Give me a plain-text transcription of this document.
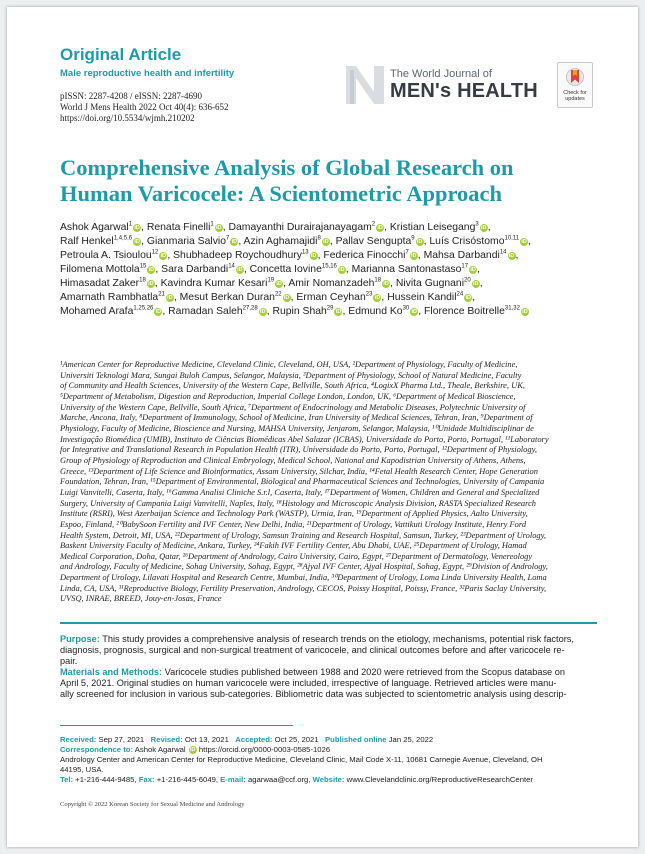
Original Article
Male reproductive health and infertility
pISSN: 2287-4208 / eISSN: 2287-4690
World J Mens Health 2022 Oct 40(4): 636-652
https://doi.org/10.5534/wjmh.210202
The World Journal of
MEN's HEALTH	Check for
updates
Comprehensive Analysis of Global Research on
Human Varicocele: A Scientometric Approach
Ashok Agarwal$^1$iD, Renata Finelli$^1$iD, Damayanthi Durairajanayagam$^2$iD, Kristian Leisegang$^3$iD,
Ralf Henkel$^{1,4,5,6}$iD, Gianmaria Salvio$^7$iD, Azin Aghamajidi$^8$iD, Pallav Sengupta$^9$iD, Luís Crisóstomo$^{10,11}$iD,
Petroula A. Tsioulou$^{12}$iD, Shubhadeep Roychoudhury$^{13}$iD, Federica Finocchi$^7$iD, Mahsa Darbandi$^{14}$iD,
Filomena Mottola$^{15}$iD, Sara Darbandi$^{14}$iD, Concetta Iovine$^{15,16}$iD, Marianna Santonastaso$^{17}$iD,
Himasadat Zaker$^{18}$iD, Kavindra Kumar Kesari$^{19}$iD, Amir Nomanzadeh$^{18}$iD, Nivita Gugnani$^{20}$iD,
Amarnath Rambhatla$^{21}$iD, Mesut Berkan Duran$^{22}$iD, Erman Ceyhan$^{23}$iD, Hussein Kandil$^{24}$iD,
Mohamed Arafa$^{1,25,26}$iD, Ramadan Saleh$^{27,28}$iD, Rupin Shah$^{29}$iD, Edmund Ko$^{30}$iD, Florence Boitrelle$^{31,32}$iD
¹American Center for Reproductive Medicine, Cleveland Clinic, Cleveland, OH, USA, ²Department of Physiology, Faculty of Medicine,
Universiti Teknologi Mara, Sungai Buloh Campus, Selangor, Malaysia, ³Department of Physiology, School of Natural Medicine, Faculty
of Community and Health Sciences, University of the Western Cape, Bellville, South Africa, ⁴LogixX Pharma Ltd., Theale, Berkshire, UK,
⁵Department of Metabolism, Digestion and Reproduction, Imperial College London, London, UK, ⁶Department of Medical Bioscience,
University of the Western Cape, Bellville, South Africa, ⁷Department of Endocrinology and Metabolic Diseases, Polytechnic University of
Marche, Ancona, Italy, ⁸Department of Immunology, School of Medicine, Iran University of Medical Sciences, Tehran, Iran, ⁹Department of
Physiology, Faculty of Medicine, Bioscience and Nursing, MAHSA University, Jenjarom, Selangor, Malaysia, ¹⁰Unidade Multidisciplinar de
Investigação Biomédica (UMIB), Instituto de Ciências Biomédicas Abel Salazar (ICBAS), Universidade do Porto, Porto, Portugal, ¹¹Laboratory
for Integrative and Translational Research in Population Health (ITR), Universidade do Porto, Porto, Portugal, ¹²Department of Physiology,
Group of Physiology of Reproduction and Clinical Embryology, Medical School, National and Kapodistrian University of Athens, Athens,
Greece, ¹³Department of Life Science and Bioinformatics, Assam University, Silchar, India, ¹⁴Fetal Health Research Center, Hope Generation
Foundation, Tehran, Iran, ¹⁵Department of Environmental, Biological and Pharmaceutical Sciences and Technologies, University of Campania
Luigi Vanvitelli, Caserta, Italy, ¹⁶Gamma Analisi Cliniche S.r.l, Caserta, Italy, ¹⁷Department of Women, Children and General and Specialized
Surgery, University of Campania Luigi Vanvitelli, Naples, Italy, ¹⁸Histology and Microscopic Analysis Division, RASTA Specialized Research
Institute (RSRI), West Azerbaijan Science and Technology Park (WASTP), Urmia, Iran, ¹⁹Department of Applied Physics, Aalto University,
Espoo, Finland, ²⁰BabySoon Fertility and IVF Center, New Delhi, India, ²¹Department of Urology, Vattikuti Urology Institute, Henry Ford
Health System, Detroit, MI, USA, ²²Department of Urology, Samsun Training and Research Hospital, Samsun, Turkey, ²³Department of Urology,
Baskent University Faculty of Medicine, Ankara, Turkey, ²⁴Fakih IVF Fertility Center, Abu Dhabi, UAE, ²⁵Department of Urology, Hamad
Medical Corporation, Doha, Qatar, ²⁶Department of Andrology, Cairo University, Cairo, Egypt, ²⁷Department of Dermatology, Venereology
and Andrology, Faculty of Medicine, Sohag University, Sohag, Egypt, ²⁸Ajyal IVF Center, Ajyal Hospital, Sohag, Egypt, ²⁹Division of Andrology,
Department of Urology, Lilavati Hospital and Research Centre, Mumbai, India, ³⁰Department of Urology, Loma Linda University Health, Loma
Linda, CA, USA, ³¹Reproductive Biology, Fertility Preservation, Andrology, CECOS, Poissy Hospital, Poissy, France, ³²Paris Saclay University,
UVSQ, INRAE, BREED, Jouy-en-Josas, France
Purpose: This study provides a comprehensive analysis of research trends on the etiology, mechanisms, potential risk factors,
diagnosis, prognosis, surgical and non-surgical treatment of varicocele, and clinical outcomes before and after varicocele re-
pair.
Materials and Methods: Varicocele studies published between 1988 and 2020 were retrieved from the Scopus database on
April 5, 2021. Original studies on human varicocele were included, irrespective of language. Retrieved articles were manu-
ally screened for inclusion in various sub-categories. Bibliometric data was subjected to scientometric analysis using descrip-
Received: Sep 27, 2021 Revised: Oct 13, 2021 Accepted: Oct 25, 2021 Published online Jan 25, 2022
Correspondence to: Ashok Agarwal iD https://orcid.org/0000-0003-0585-1026
Andrology Center and American Center for Reproductive Medicine, Cleveland Clinic, Mail Code X-11, 10681 Carnegie Avenue, Cleveland, OH
44195, USA.
Tel: +1-216-444-9485, Fax: +1-216-445-6049, E-mail: agarwaa@ccf.org, Website: www.Clevelandclinic.org/ReproductiveResearchCenter
Copyright © 2022 Korean Society for Sexual Medicine and Andrology
